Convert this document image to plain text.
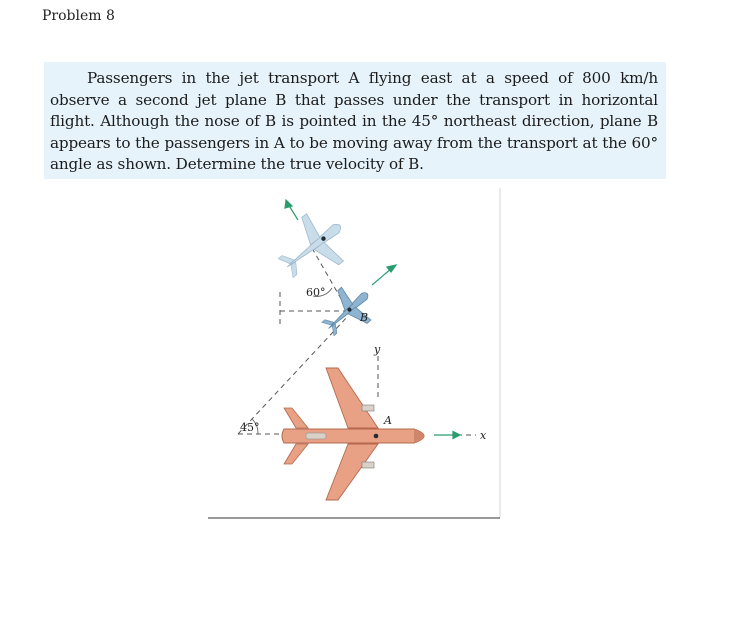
Problem 8

Passengers in the jet transport A flying east at a speed of 800 km/h observe a second jet plane B that passes under the transport in horizontal flight. Although the nose of B is pointed in the 45° northeast direction, plane B appears to the passengers in A to be moving away from the transport at the 60° angle as shown. Determine the true velocity of B.

60°
45°
B
A
y
x
